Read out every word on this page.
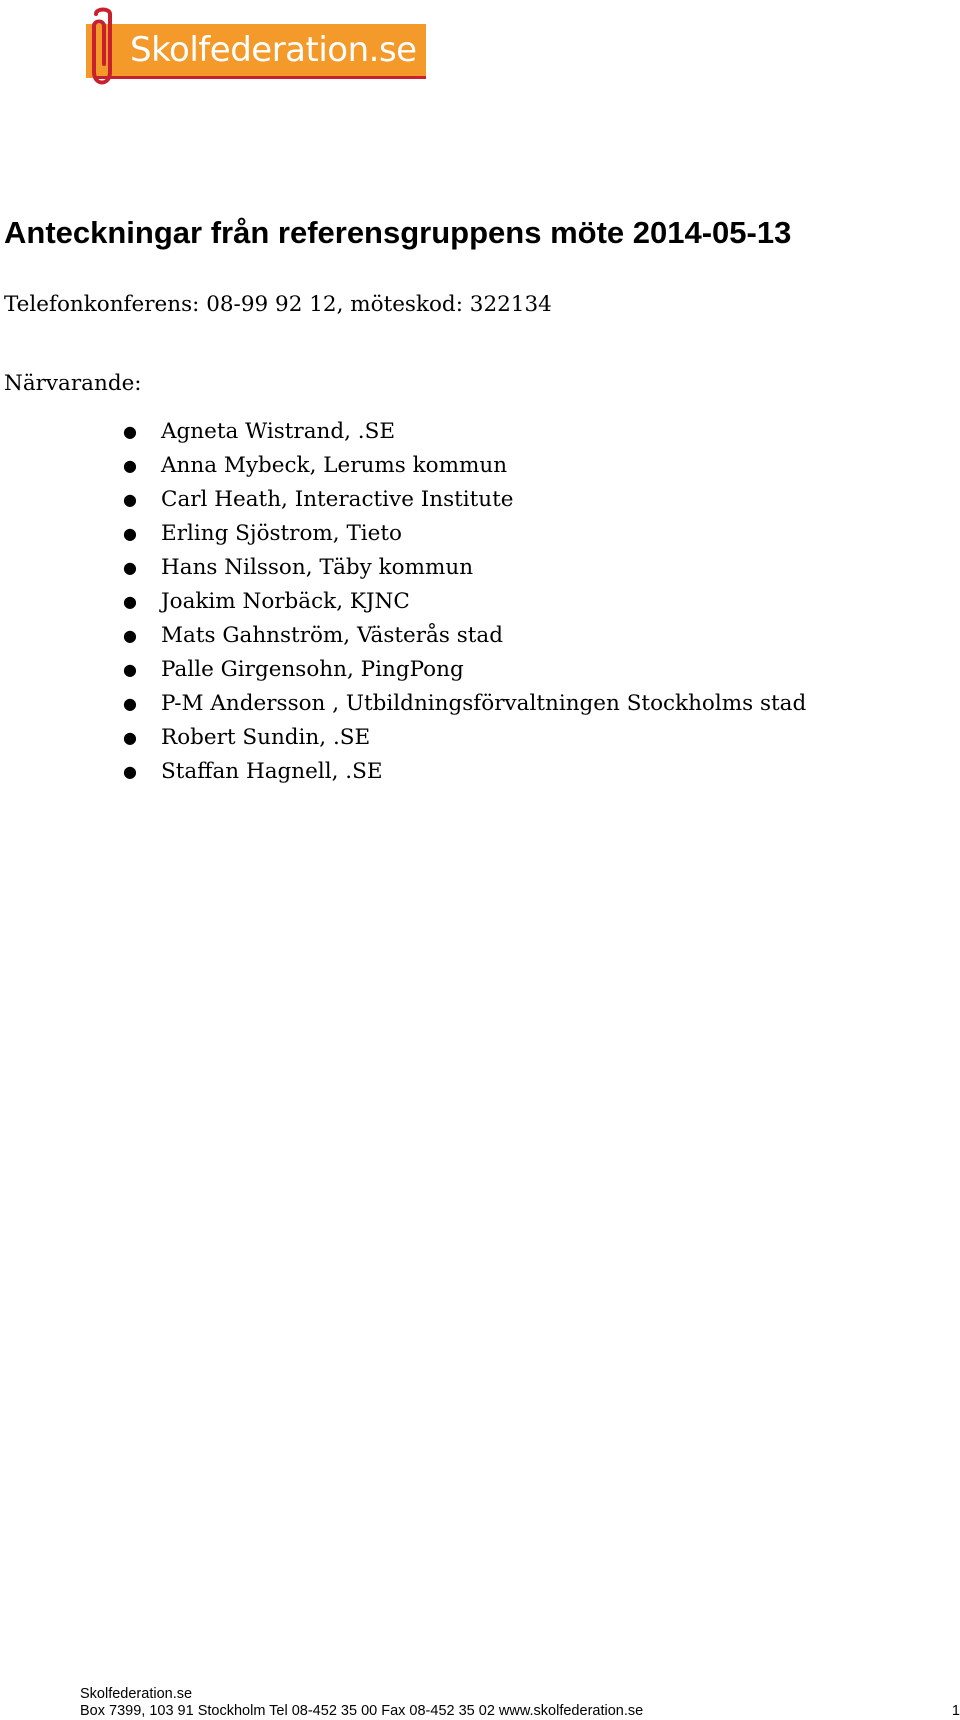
Skolfederation.se
Anteckningar från referensgruppens möte 2014-05-13

Telefonkonferens: 08-99 92 12, möteskod: 322134

Närvarande:

● Agneta Wistrand, .SE
● Anna Mybeck, Lerums kommun
● Carl Heath, Interactive Institute
● Erling Sjöstrom, Tieto
● Hans Nilsson, Täby kommun
● Joakim Norbäck, KJNC
● Mats Gahnström, Västerås stad
● Palle Girgensohn, PingPong
● P-M Andersson , Utbildningsförvaltningen Stockholms stad
● Robert Sundin, .SE
● Staffan Hagnell, .SE
Skolfederation.se
Box 7399, 103 91 Stockholm Tel 08-452 35 00 Fax 08-452 35 02 www.skolfederation.se	1
